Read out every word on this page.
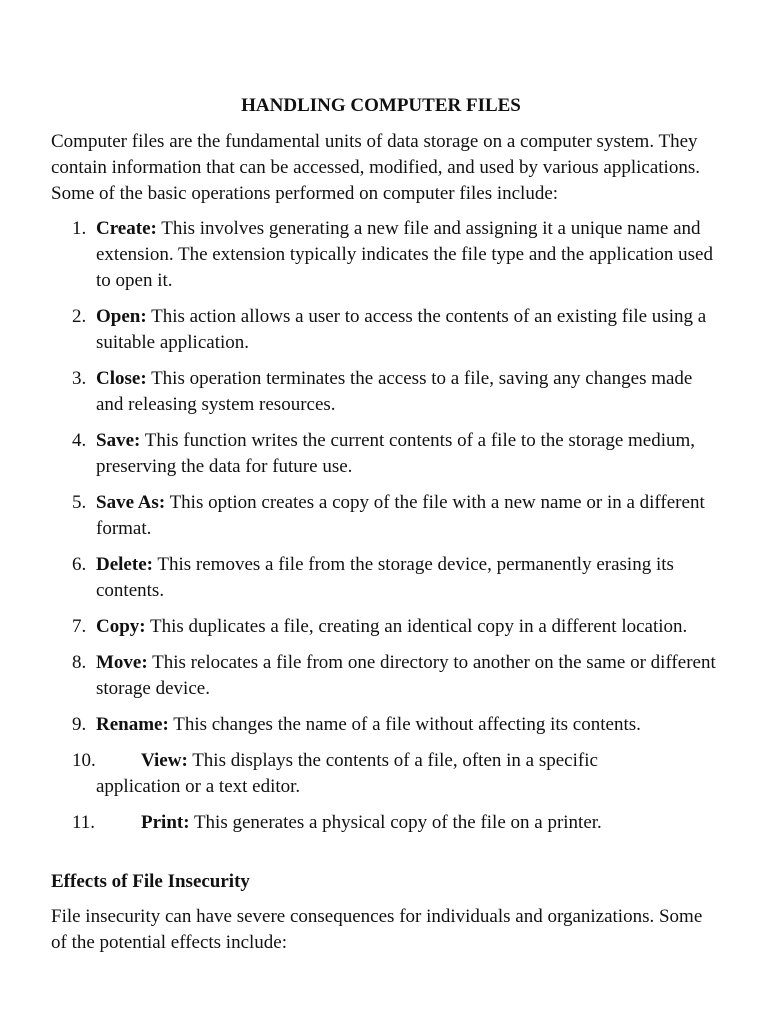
HANDLING COMPUTER FILES

Computer files are the fundamental units of data storage on a computer system. They contain information that can be accessed, modified, and used by various applications. Some of the basic operations performed on computer files include:

1. Create: This involves generating a new file and assigning it a unique name and extension. The extension typically indicates the file type and the application used to open it.
2. Open: This action allows a user to access the contents of an existing file using a suitable application.
3. Close: This operation terminates the access to a file, saving any changes made and releasing system resources.
4. Save: This function writes the current contents of a file to the storage medium, preserving the data for future use.
5. Save As: This option creates a copy of the file with a new name or in a different format.
6. Delete: This removes a file from the storage device, permanently erasing its contents.
7. Copy: This duplicates a file, creating an identical copy in a different location.
8. Move: This relocates a file from one directory to another on the same or different storage device.
9. Rename: This changes the name of a file without affecting its contents.
10.	View: This displays the contents of a file, often in a specific
application or a text editor.
11.	Print: This generates a physical copy of the file on a printer.
Effects of File Insecurity

File insecurity can have severe consequences for individuals and organizations. Some of the potential effects include:
